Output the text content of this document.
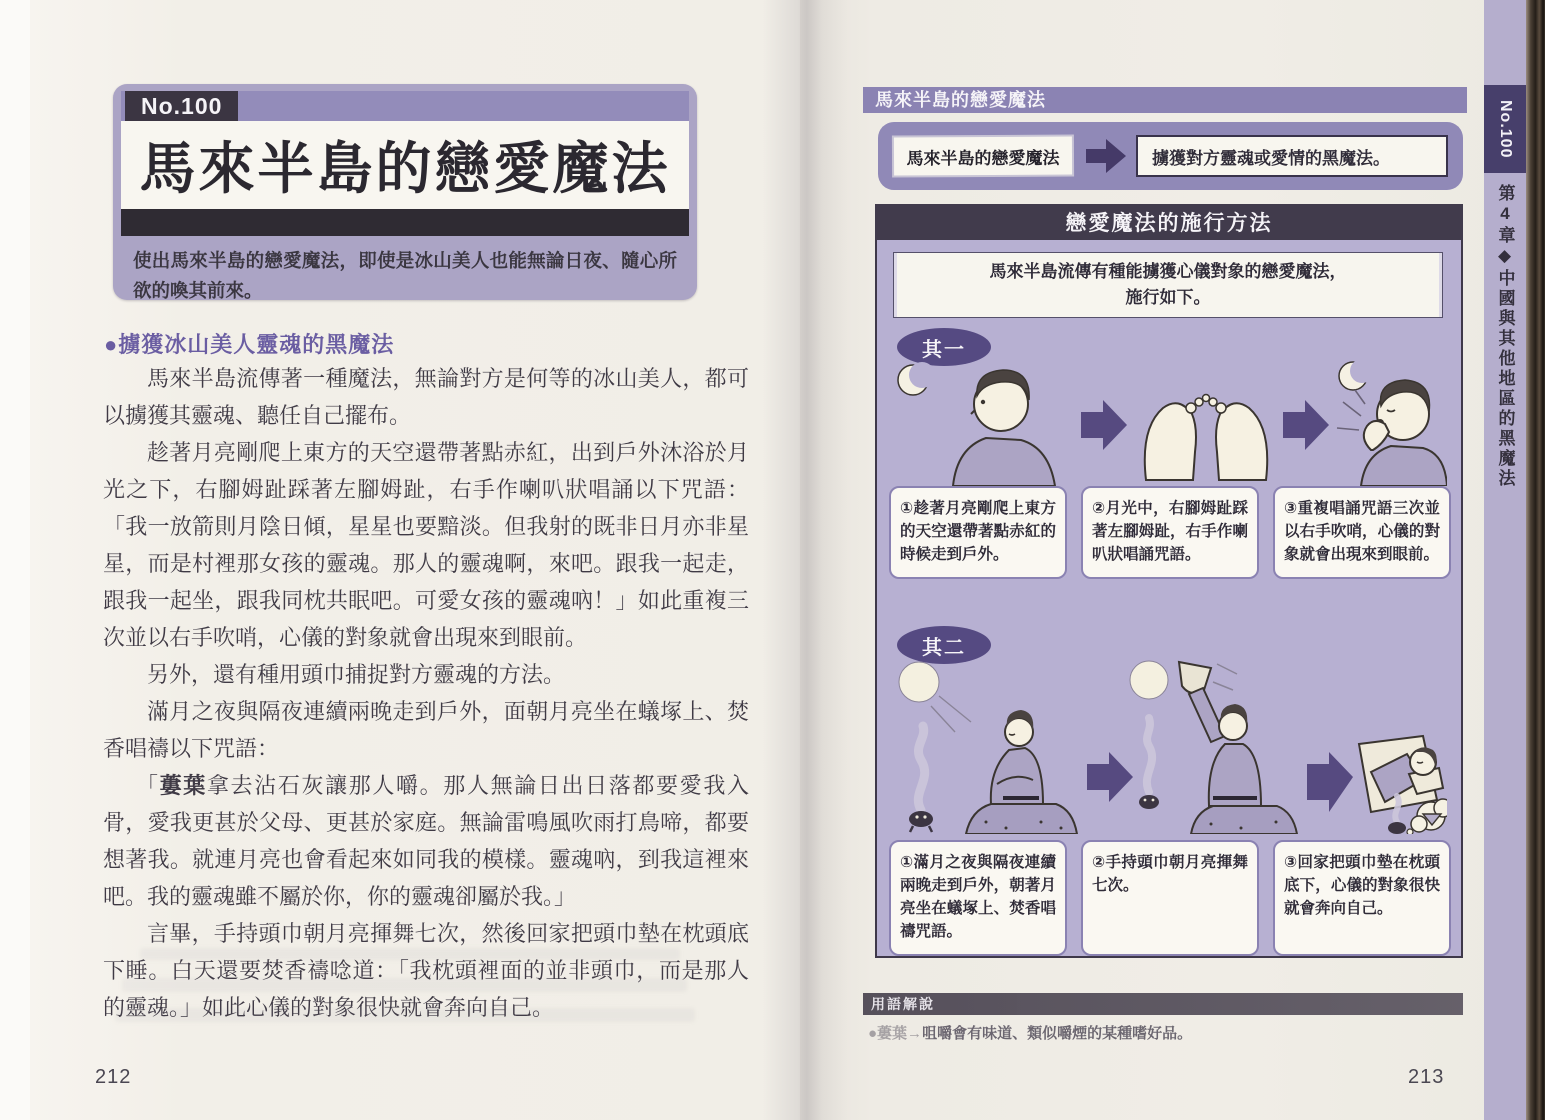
No.100
馬來半島的戀愛魔法
使出馬來半島的戀愛魔法，即使是冰山美人也能無論日夜、隨心所欲的喚其前來。
●擄獲冰山美人靈魂的黑魔法

馬來半島流傳著一種魔法，無論對方是何等的冰山美人，都可以擄獲其靈魂、聽任自己擺布。

趁著月亮剛爬上東方的天空還帶著點赤紅，出到戶外沐浴於月光之下，右腳姆趾踩著左腳姆趾，右手作喇叭狀唱誦以下咒語：「我一放箭則月陰日傾，星星也要黯淡。但我射的既非日月亦非星星，而是村裡那女孩的靈魂。那人的靈魂啊，來吧。跟我一起走，跟我一起坐，跟我同枕共眠吧。可愛女孩的靈魂吶！」如此重複三次並以右手吹哨，心儀的對象就會出現來到眼前。

另外，還有種用頭巾捕捉對方靈魂的方法。

滿月之夜與隔夜連續兩晚走到戶外，面朝月亮坐在蟻塚上、焚香唱禱以下咒語：

「蔞葉拿去沾石灰讓那人嚼。那人無論日出日落都要愛我入骨，愛我更甚於父母、更甚於家庭。無論雷鳴風吹雨打鳥啼，都要想著我。就連月亮也會看起來如同我的模樣。靈魂吶，到我這裡來吧。我的靈魂雖不屬於你，你的靈魂卻屬於我。」

言畢，手持頭巾朝月亮揮舞七次，然後回家把頭巾墊在枕頭底下睡。白天還要焚香禱唸道：「我枕頭裡面的並非頭巾，而是那人的靈魂。」如此心儀的對象很快就會奔向自己。

212
馬來半島的戀愛魔法
馬來半島的戀愛魔法	擄獲對方靈魂或愛情的黑魔法。
戀愛魔法的施行方法
馬來半島流傳有種能擄獲心儀對象的戀愛魔法，
施行如下。
其一
①趁著月亮剛爬上東方的天空還帶著點赤紅的時候走到戶外。
②月光中，右腳姆趾踩著左腳姆趾，右手作喇叭狀唱誦咒語。
③重複唱誦咒語三次並以右手吹哨，心儀的對象就會出現來到眼前。
其二
①滿月之夜與隔夜連續兩晚走到戶外，朝著月亮坐在蟻塚上、焚香唱禱咒語。
②手持頭巾朝月亮揮舞七次。
③回家把頭巾墊在枕頭底下，心儀的對象很快就會奔向自己。
用語解說
●蔞葉→咀嚼會有味道、類似嚼煙的某種嗜好品。
213
No.100
第4章◆中國與其他地區的黑魔法
